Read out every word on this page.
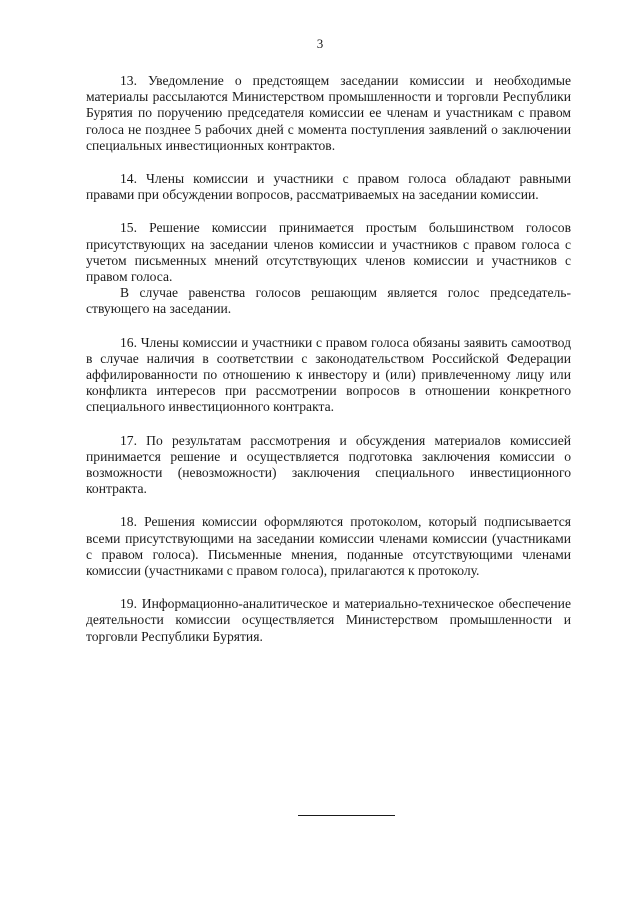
3

13. Уведомление о предстоящем заседании комиссии и необходимые материалы рассылаются Министерством промышленности и торговли Республики Бурятия по поручению председателя комиссии ее членам и участникам с правом голоса не позднее 5 рабочих дней с момента поступления заявлений о заключении специальных инвестиционных контрактов.

14. Члены комиссии и участники с правом голоса обладают равными правами при обсуждении вопросов, рассматриваемых на заседании комиссии.

15. Решение комиссии принимается простым большинством голосов присутствующих на заседании членов комиссии и участников с правом голоса с учетом письменных мнений отсутствующих членов комиссии и участников с правом голоса.

В случае равенства голосов решающим является голос председательствующего на заседании.

16. Члены комиссии и участники с правом голоса обязаны заявить самоотвод в случае наличия в соответствии с законодательством Российской Федерации аффилированности по отношению к инвестору и (или) привлеченному лицу или конфликта интересов при рассмотрении вопросов в отношении конкретного специального инвестиционного контракта.

17. По результатам рассмотрения и обсуждения материалов комиссией принимается решение и осуществляется подготовка заключения комиссии о возможности (невозможности) заключения специального инвестиционного контракта.

18. Решения комиссии оформляются протоколом, который подписывается всеми присутствующими на заседании комиссии членами комиссии (участниками с правом голоса). Письменные мнения, поданные отсутствующими членами комиссии (участниками с правом голоса), прилагаются к протоколу.

19. Информационно-аналитическое и материально-техническое обеспечение деятельности комиссии осуществляется Министерством промышленности и торговли Республики Бурятия.
